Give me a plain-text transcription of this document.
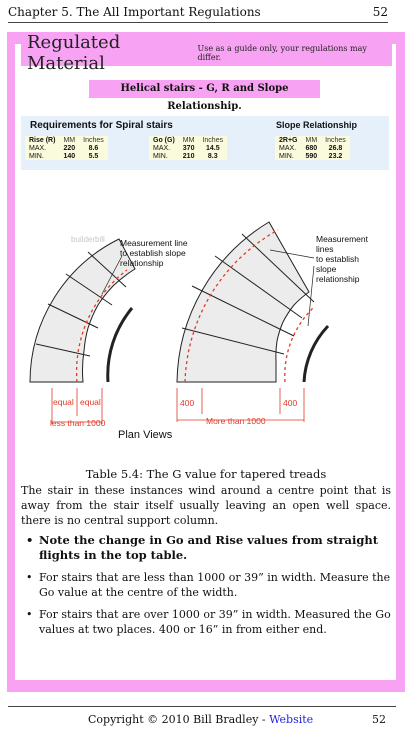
Chapter 5. The All Important Regulations	52
Regulated Material
Use as a guide only, your regulations may differ.
Helical stairs - G, R and Slope Relationship.
Requirements for Spiral stairs	Slope Relationship
Rise (R)	MM	Inches
MAX.	220	8.6
MIN.	140	5.5
Go (G)	MM	Inches
MAX.	370	14.5
MIN.	210	8.3
2R+G	MM	Inches
MAX.	680	26.8
MIN.	590	23.2
equal equal
less than 1000
Plan Views
builderbill Measurement line
to establish slope
relationship
400	400
More than 1000
Measurement
lines
to establish
slope
relationship
Table 5.4: The G value for tapered treads
The stair in these instances wind around a centre point that is away from the stair itself usually leaving an open well space. there is no central support column.
• Note the change in Go and Rise values from straight flights in the top table.
• For stairs that are less than 1000 or 39” in width. Measure the Go value at the centre of the width.
• For stairs that are over 1000 or 39” in width. Measured the Go values at two places. 400 or 16” in from either end.
Copyright © 2010 Bill Bradley - Website	52
